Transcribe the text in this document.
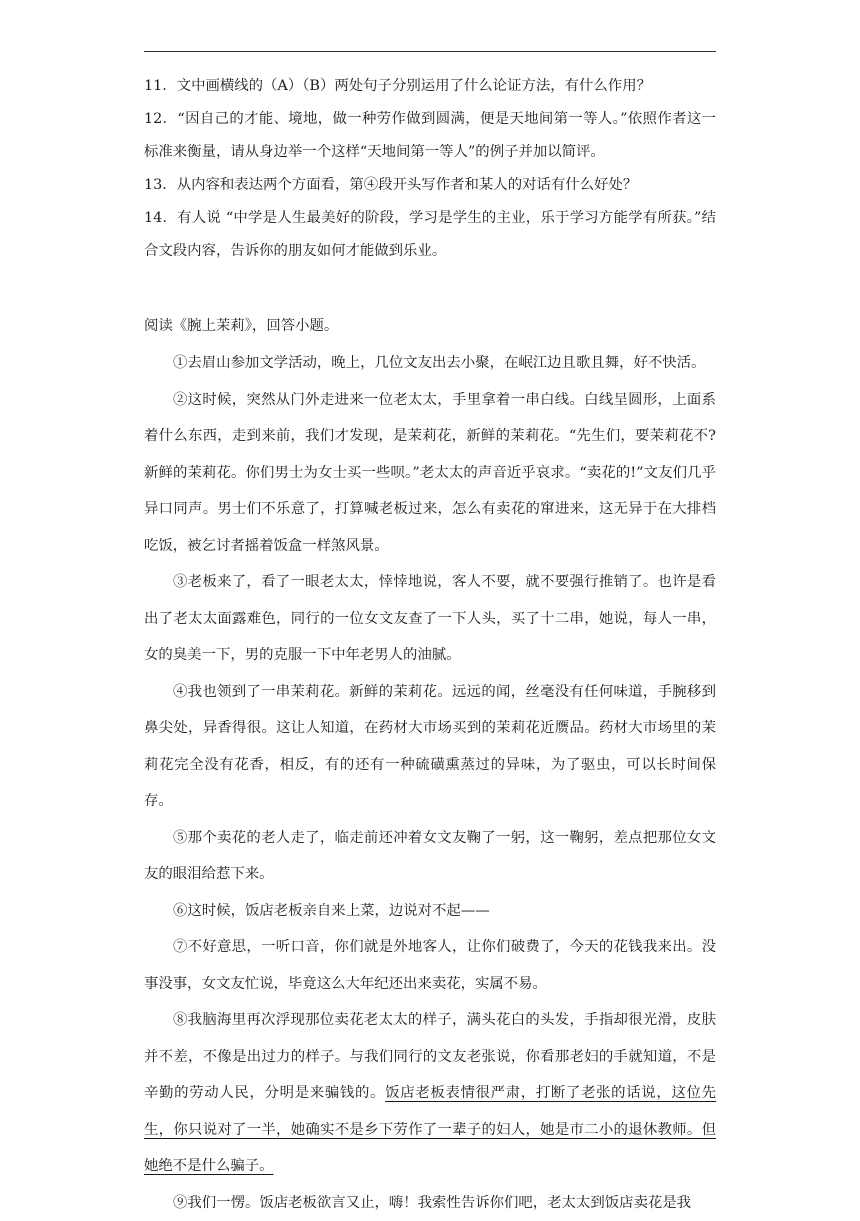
11．文中画横线的（A）（B）两处句子分别运用了什么论证方法，有什么作用？

12．“因自己的才能、境地，做一种劳作做到圆满，便是天地间第一等人。”依照作者这一标准来衡量，请从身边举一个这样“天地间第一等人”的例子并加以简评。

13．从内容和表达两个方面看，第④段开头写作者和某人的对话有什么好处？

14．有人说 “中学是人生最美好的阶段，学习是学生的主业，乐于学习方能学有所获。”结合文段内容，告诉你的朋友如何才能做到乐业。

阅读《腕上茉莉》，回答小题。

①去眉山参加文学活动，晚上，几位文友出去小聚，在岷江边且歌且舞，好不快活。

②这时候，突然从门外走进来一位老太太，手里拿着一串白线。白线呈圆形，上面系着什么东西，走到来前，我们才发现，是茉莉花，新鲜的茉莉花。“先生们，要茉莉花不?新鲜的茉莉花。你们男士为女士买一些呗。”老太太的声音近乎哀求。“卖花的!”文友们几乎异口同声。男士们不乐意了，打算喊老板过来，怎么有卖花的窜进来，这无异于在大排档吃饭，被乞讨者摇着饭盒一样煞风景。

③老板来了，看了一眼老太太，悻悻地说，客人不要，就不要强行推销了。也许是看出了老太太面露难色，同行的一位女文友查了一下人头，买了十二串，她说，每人一串，女的臭美一下，男的克服一下中年老男人的油腻。

④我也领到了一串茉莉花。新鲜的茉莉花。远远的闻，丝毫没有任何味道，手腕移到鼻尖处，异香得很。这让人知道，在药材大市场买到的茉莉花近赝品。药材大市场里的茉莉花完全没有花香，相反，有的还有一种硫磺熏蒸过的异味，为了驱虫，可以长时间保存。

⑤那个卖花的老人走了，临走前还冲着女文友鞠了一躬，这一鞠躬，差点把那位女文友的眼泪给惹下来。

⑥这时候，饭店老板亲自来上菜，边说对不起——

⑦不好意思，一听口音，你们就是外地客人，让你们破费了，今天的花钱我来出。没事没事，女文友忙说，毕竟这么大年纪还出来卖花，实属不易。

⑧我脑海里再次浮现那位卖花老太太的样子，满头花白的头发，手指却很光滑，皮肤并不差，不像是出过力的样子。与我们同行的文友老张说，你看那老妇的手就知道，不是辛勤的劳动人民，分明是来骗钱的。饭店老板表情很严肃，打断了老张的话说，这位先生，你只说对了一半，她确实不是乡下劳作了一辈子的妇人，她是市二小的退休教师。但她绝不是什么骗子。

⑨我们一愣。饭店老板欲言又止，嗨！我索性告诉你们吧，老太太到饭店卖花是我
